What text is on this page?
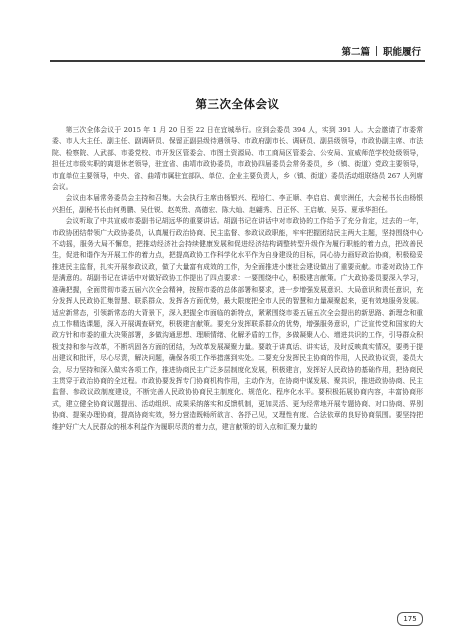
第二篇 职能履行
第三次全体会议

第三次全体会议于 2015 年 1 月 20 日至 22 日在宜城举行。应到会委员 394 人，实到 391 人。大会邀请了市委常委、市人大主任、副主任、副调研员、保留正副县级待遇领导、市政府副市长、调研员、副县级领导，市政协副主席、市法院、检察院、人武部、市委党校、市开发区管委会、市图土资源局、市工商局区管委会、公安局、宣威师范学校处级领导，担任过市级实职的离退休老领导，驻宜省、曲靖市政协委员，市政协四届委员会常务委员，乡（镇、街道）党政主要领导，市直单位主要领导，中央、省、曲靖市属驻宜部队、单位、企业主要负责人，乡（镇、街道）委员活动组联络员 267 人列席会议。

会议由本届常务委员会主持和召集。大会执行主席由杨银兴、程培仁、李正顺、李启启、黄宗洲任，大会秘书长由杨银兴担任，副秘书长由何勇鹏、吴仕锐、赵英贵、高德宏、陈大灿、赵翩秀、吕正怀、王启敏、吴芬、夏承华担任。

会议听取了中共宣威市委副书记胡远华的重要讲话。胡副书记在讲话中对市政协的工作给予了充分肯定，过去的一年，市政协团结带领广大政协委员，认真履行政治协商、民主监督、参政议政职能，牢牢把握团结民主两大主题，坚持围绕中心不动摇，服务大局不懈怠，把推动经济社会持续健康发展和促进经济结构调整转型升级作为履行职能的着力点，把改善民生，促进和谐作为开展工作的着力点，把提高政协工作科学化水平作为自身建设的目标，同心协力画好政治协商，积极稳妥推进民主监督，扎实开展参政议政，做了大量富有成效的工作，为全面推进小康社会建设做出了重要贡献。市委对政协工作是满意的。胡副书记在讲话中对做好政协工作提出了四点要求：一要围绕中心，积极建言献策。广大政协委员要深入学习，准确把握，全面贯彻市委五届六次全会精神，按照市委的总体部署和要求，进一步增强发展意识、大局意识和责任意识，充分发挥人民政协汇集智慧、联系群众、发挥各方面优势，最大限度把全市人民的智慧和力量凝聚起来，更有效地服务发展。适应新常态，引领新常态的大背景下，深入把握全市面临的新特点，紧紧围绕市委五届五次全会提出的新思路、新理念和重点工作精选课题，深入开展调查研究，积极建言献策。要充分发挥联系群众的优势，增强服务意识，广泛宣传党和国家的大政方针和市委的重大决策部署，多做沟通思想、理顺情绪、化解矛盾的工作，多做凝聚人心、增进共识的工作，引导群众积极支持和参与改革，不断巩固各方面的团结，为改革发展凝聚力量。要敢于讲真话、讲实话，及时反映真实情况，要勇于提出建议和批评，尽心尽责，解决问题，确保各项工作举措落到实处。二要充分发挥民主协商的作用，人民政协议资，委员大会，尽力坚持和深入做实各项工作，推进协商民主广泛多层制度化发展，积极建言，发挥好人民政协的基础作用，把协商民主贯穿于政治协商的全过程。市政协要发挥专门协商机构作用，主动作为，在协商中谋发展、聚共识，推进政协协商、民主监督、参政议政制度建设，不断完善人民政协协商民主制度化、规范化、程序化水平。要积极拓展协商内容，丰富协商形式，建立健全协商议题提出、活动组织、成果采纳落实和反馈机制，更加灵活、更为经常地开展专题协商、对口协商、界别协商、提案办理协商，提高协商实效，努力营造既畅所欲言、各抒己见，又理性有度、合法依章的良好协商氛围。要坚持把维护好广大人民群众的根本利益作为履职尽责的着力点，建言献策的切入点和汇聚力量的

175
